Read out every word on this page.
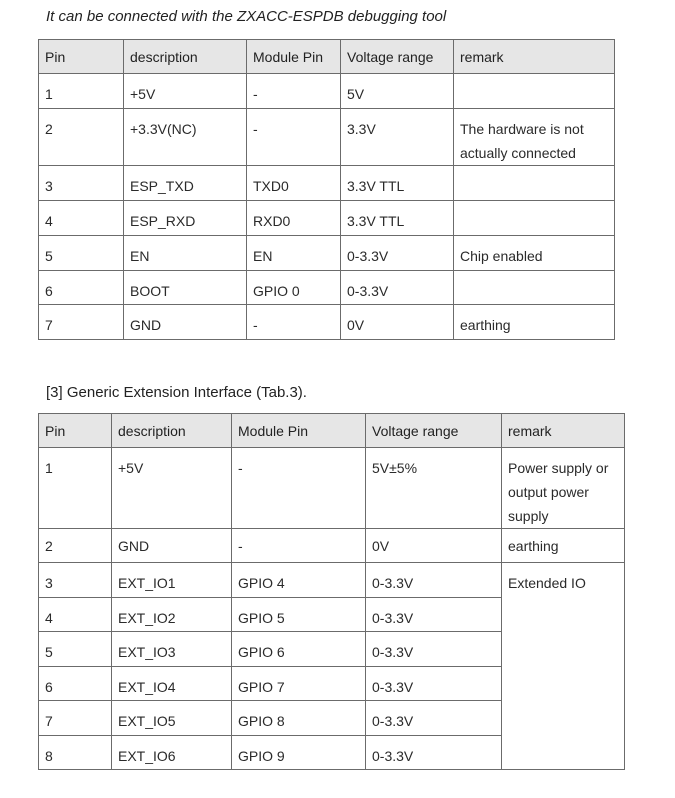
It can be connected with the ZXACC-ESPDB debugging tool
Pin	description	Module Pin	Voltage range	remark
1	+5V	-	5V	
2	+3.3V(NC)	-	3.3V	The hardware is not actually connected
3	ESP_TXD	TXD0	3.3V TTL	
4	ESP_RXD	RXD0	3.3V TTL	
5	EN	EN	0-3.3V	Chip enabled
6	BOOT	GPIO 0	0-3.3V	
7	GND	-	0V	earthing
[3] Generic Extension Interface (Tab.3).
Pin	description	Module Pin	Voltage range	remark
1	+5V	-	5V±5%	Power supply or output power supply
2	GND	-	0V	earthing
3	EXT_IO1	GPIO 4	0-3.3V	Extended IO
4	EXT_IO2	GPIO 5	0-3.3V	
5	EXT_IO3	GPIO 6	0-3.3V	
6	EXT_IO4	GPIO 7	0-3.3V	
7	EXT_IO5	GPIO 8	0-3.3V	
8	EXT_IO6	GPIO 9	0-3.3V	
